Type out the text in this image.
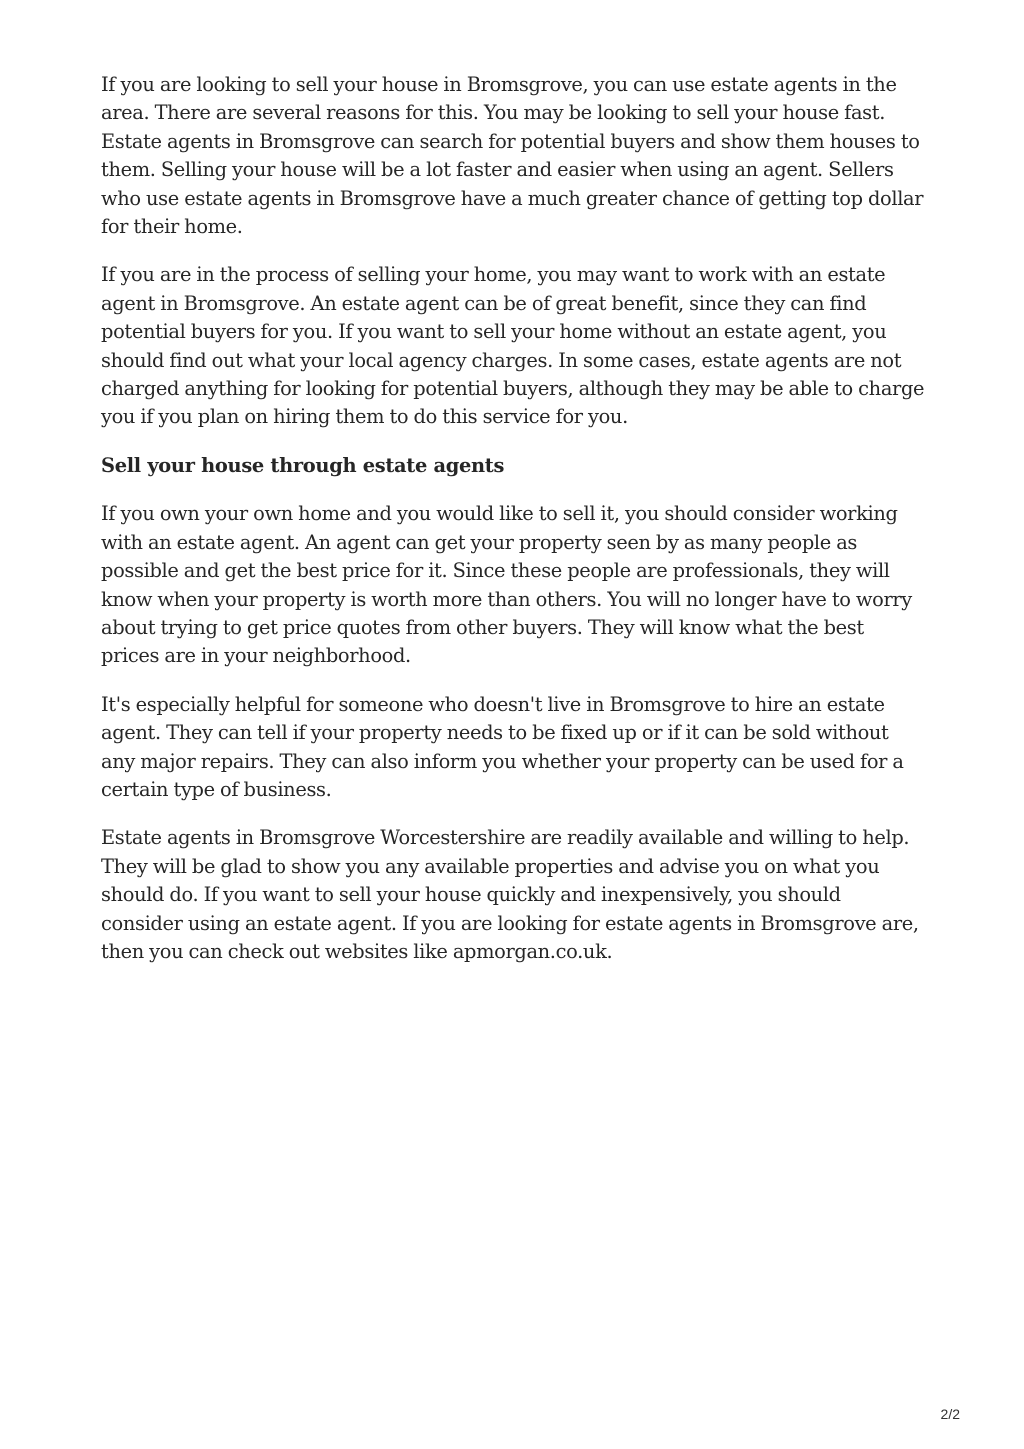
If you are looking to sell your house in Bromsgrove, you can use estate agents in the area. There are several reasons for this. You may be looking to sell your house fast. Estate agents in Bromsgrove can search for potential buyers and show them houses to them. Selling your house will be a lot faster and easier when using an agent. Sellers who use estate agents in Bromsgrove have a much greater chance of getting top dollar for their home.

If you are in the process of selling your home, you may want to work with an estate agent in Bromsgrove. An estate agent can be of great benefit, since they can find potential buyers for you. If you want to sell your home without an estate agent, you should find out what your local agency charges. In some cases, estate agents are not charged anything for looking for potential buyers, although they may be able to charge you if you plan on hiring them to do this service for you.

Sell your house through estate agents

If you own your own home and you would like to sell it, you should consider working with an estate agent. An agent can get your property seen by as many people as possible and get the best price for it. Since these people are professionals, they will know when your property is worth more than others. You will no longer have to worry about trying to get price quotes from other buyers. They will know what the best prices are in your neighborhood.

It's especially helpful for someone who doesn't live in Bromsgrove to hire an estate agent. They can tell if your property needs to be fixed up or if it can be sold without any major repairs. They can also inform you whether your property can be used for a certain type of business.

Estate agents in Bromsgrove Worcestershire are readily available and willing to help. They will be glad to show you any available properties and advise you on what you should do. If you want to sell your house quickly and inexpensively, you should consider using an estate agent. If you are looking for estate agents in Bromsgrove are, then you can check out websites like apmorgan.co.uk.

2/2
